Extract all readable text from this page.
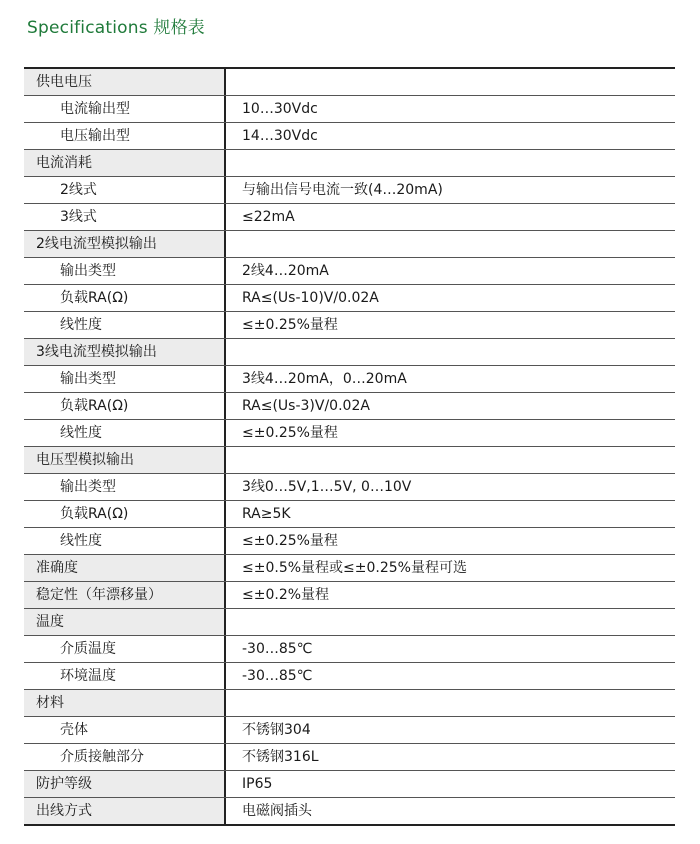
Specifications 规格表
供电电压
电流输出型	10…30Vdc
电压输出型	14…30Vdc
电流消耗
2线式	与输出信号电流一致(4…20mA)
3线式	≤22mA
2线电流型模拟输出
输出类型	2线4…20mA
负载RA(Ω)	RA≤(Us-10)V/0.02A
线性度	≤±0.25%量程
3线电流型模拟输出
输出类型	3线4…20mA，0…20mA
负载RA(Ω)	RA≤(Us-3)V/0.02A
线性度	≤±0.25%量程
电压型模拟输出
输出类型	3线0…5V,1…5V, 0…10V
负载RA(Ω)	RA≥5K
线性度	≤±0.25%量程
准确度	≤±0.5%量程或≤±0.25%量程可选
稳定性（年漂移量）	≤±0.2%量程
温度
介质温度	-30…85℃
环境温度	-30…85℃
材料
壳体	不锈钢304
介质接触部分	不锈钢316L
防护等级	IP65
出线方式	电磁阀插头
